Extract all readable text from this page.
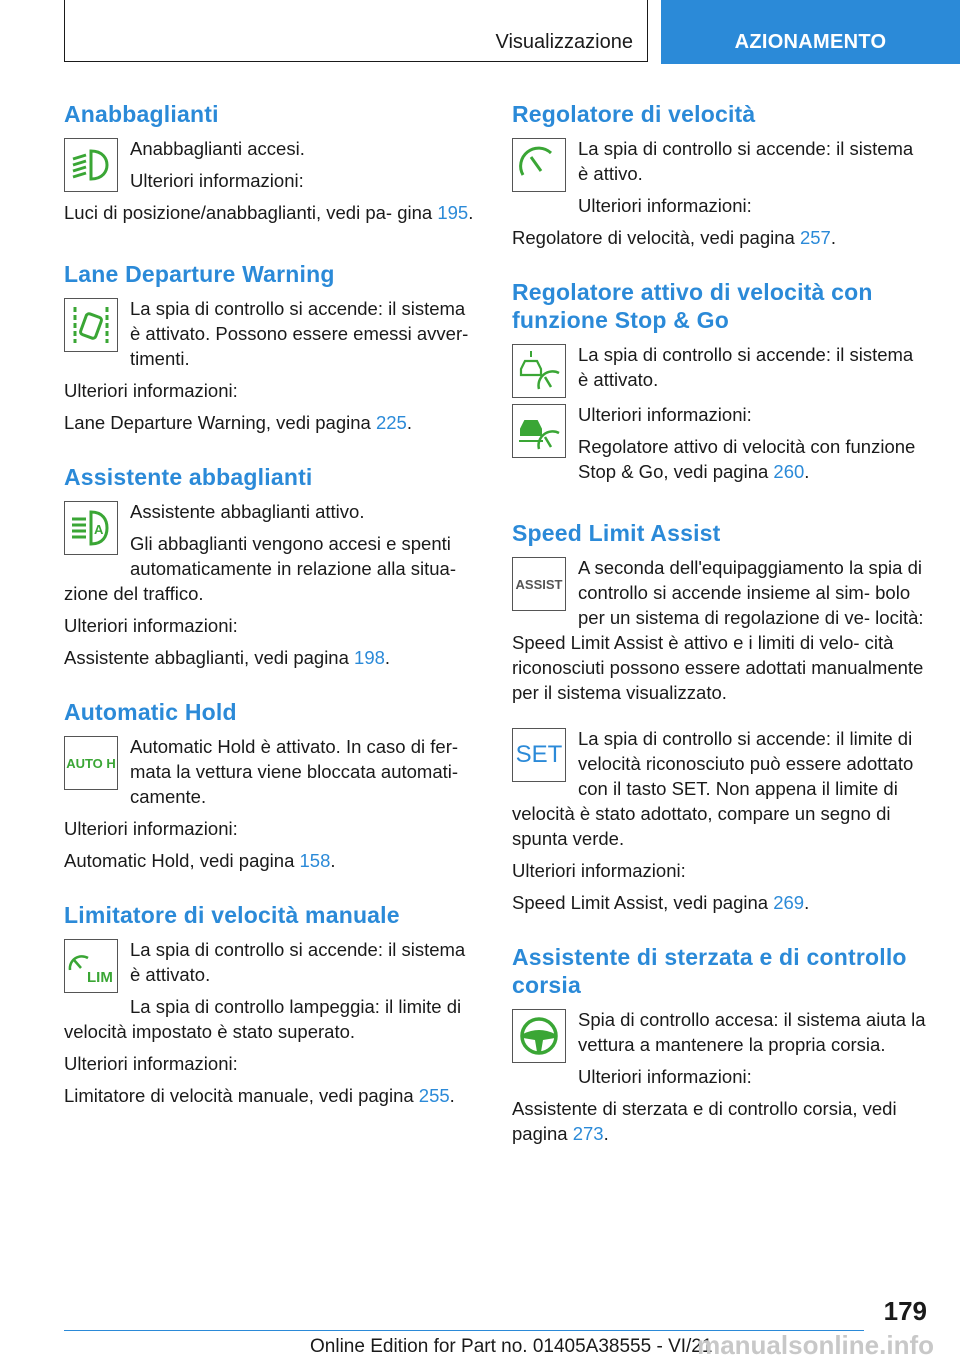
Visualizzazione	AZIONAMENTO
Anabbaglianti

Anabbaglianti accesi.

Ulteriori informazioni:

Luci di posizione/anabbaglianti, vedi pa‐ gina 195.

Lane Departure Warning

La spia di controllo si accende: il sistema è attivato. Possono essere emessi avver‐ timenti.

Ulteriori informazioni:

Lane Departure Warning, vedi pagina 225.

Assistente abbaglianti
A

Assistente abbaglianti attivo.

Gli abbaglianti vengono accesi e spenti automaticamente in relazione alla situa‐ zione del traffico.

Ulteriori informazioni:

Assistente abbaglianti, vedi pagina 198.

Automatic Hold
AUTO H

Automatic Hold è attivato. In caso di fer‐ mata la vettura viene bloccata automati‐ camente.

Ulteriori informazioni:

Automatic Hold, vedi pagina 158.

Limitatore di velocità manuale
LIM

La spia di controllo si accende: il sistema è attivato.

La spia di controllo lampeggia: il limite di velocità impostato è stato superato.

Ulteriori informazioni:

Limitatore di velocità manuale, vedi pagina 255.

Regolatore di velocità

La spia di controllo si accende: il sistema è attivo.

Ulteriori informazioni:

Regolatore di velocità, vedi pagina 257.

Regolatore attivo di velocità con funzione Stop & Go

La spia di controllo si accende: il sistema è attivato.

Ulteriori informazioni:

Regolatore attivo di velocità con funzione Stop & Go, vedi pagina 260.

Speed Limit Assist
ASSIST

A seconda dell'equipaggiamento la spia di controllo si accende insieme al sim‐ bolo per un sistema di regolazione di ve‐ locità: Speed Limit Assist è attivo e i limiti di velo‐ cità riconosciuti possono essere adottati manualmente per il sistema visualizzato.

SET

La spia di controllo si accende: il limite di velocità riconosciuto può essere adottato con il tasto SET. Non appena il limite di velocità è stato adottato, compare un segno di spunta verde.

Ulteriori informazioni:

Speed Limit Assist, vedi pagina 269.

Assistente di sterzata e di controllo corsia

Spia di controllo accesa: il sistema aiuta la vettura a mantenere la propria corsia.

Ulteriori informazioni:

Assistente di sterzata e di controllo corsia, vedi pagina 273.

179
Online Edition for Part no. 01405A38555 - VI/21
manualsonline.info
